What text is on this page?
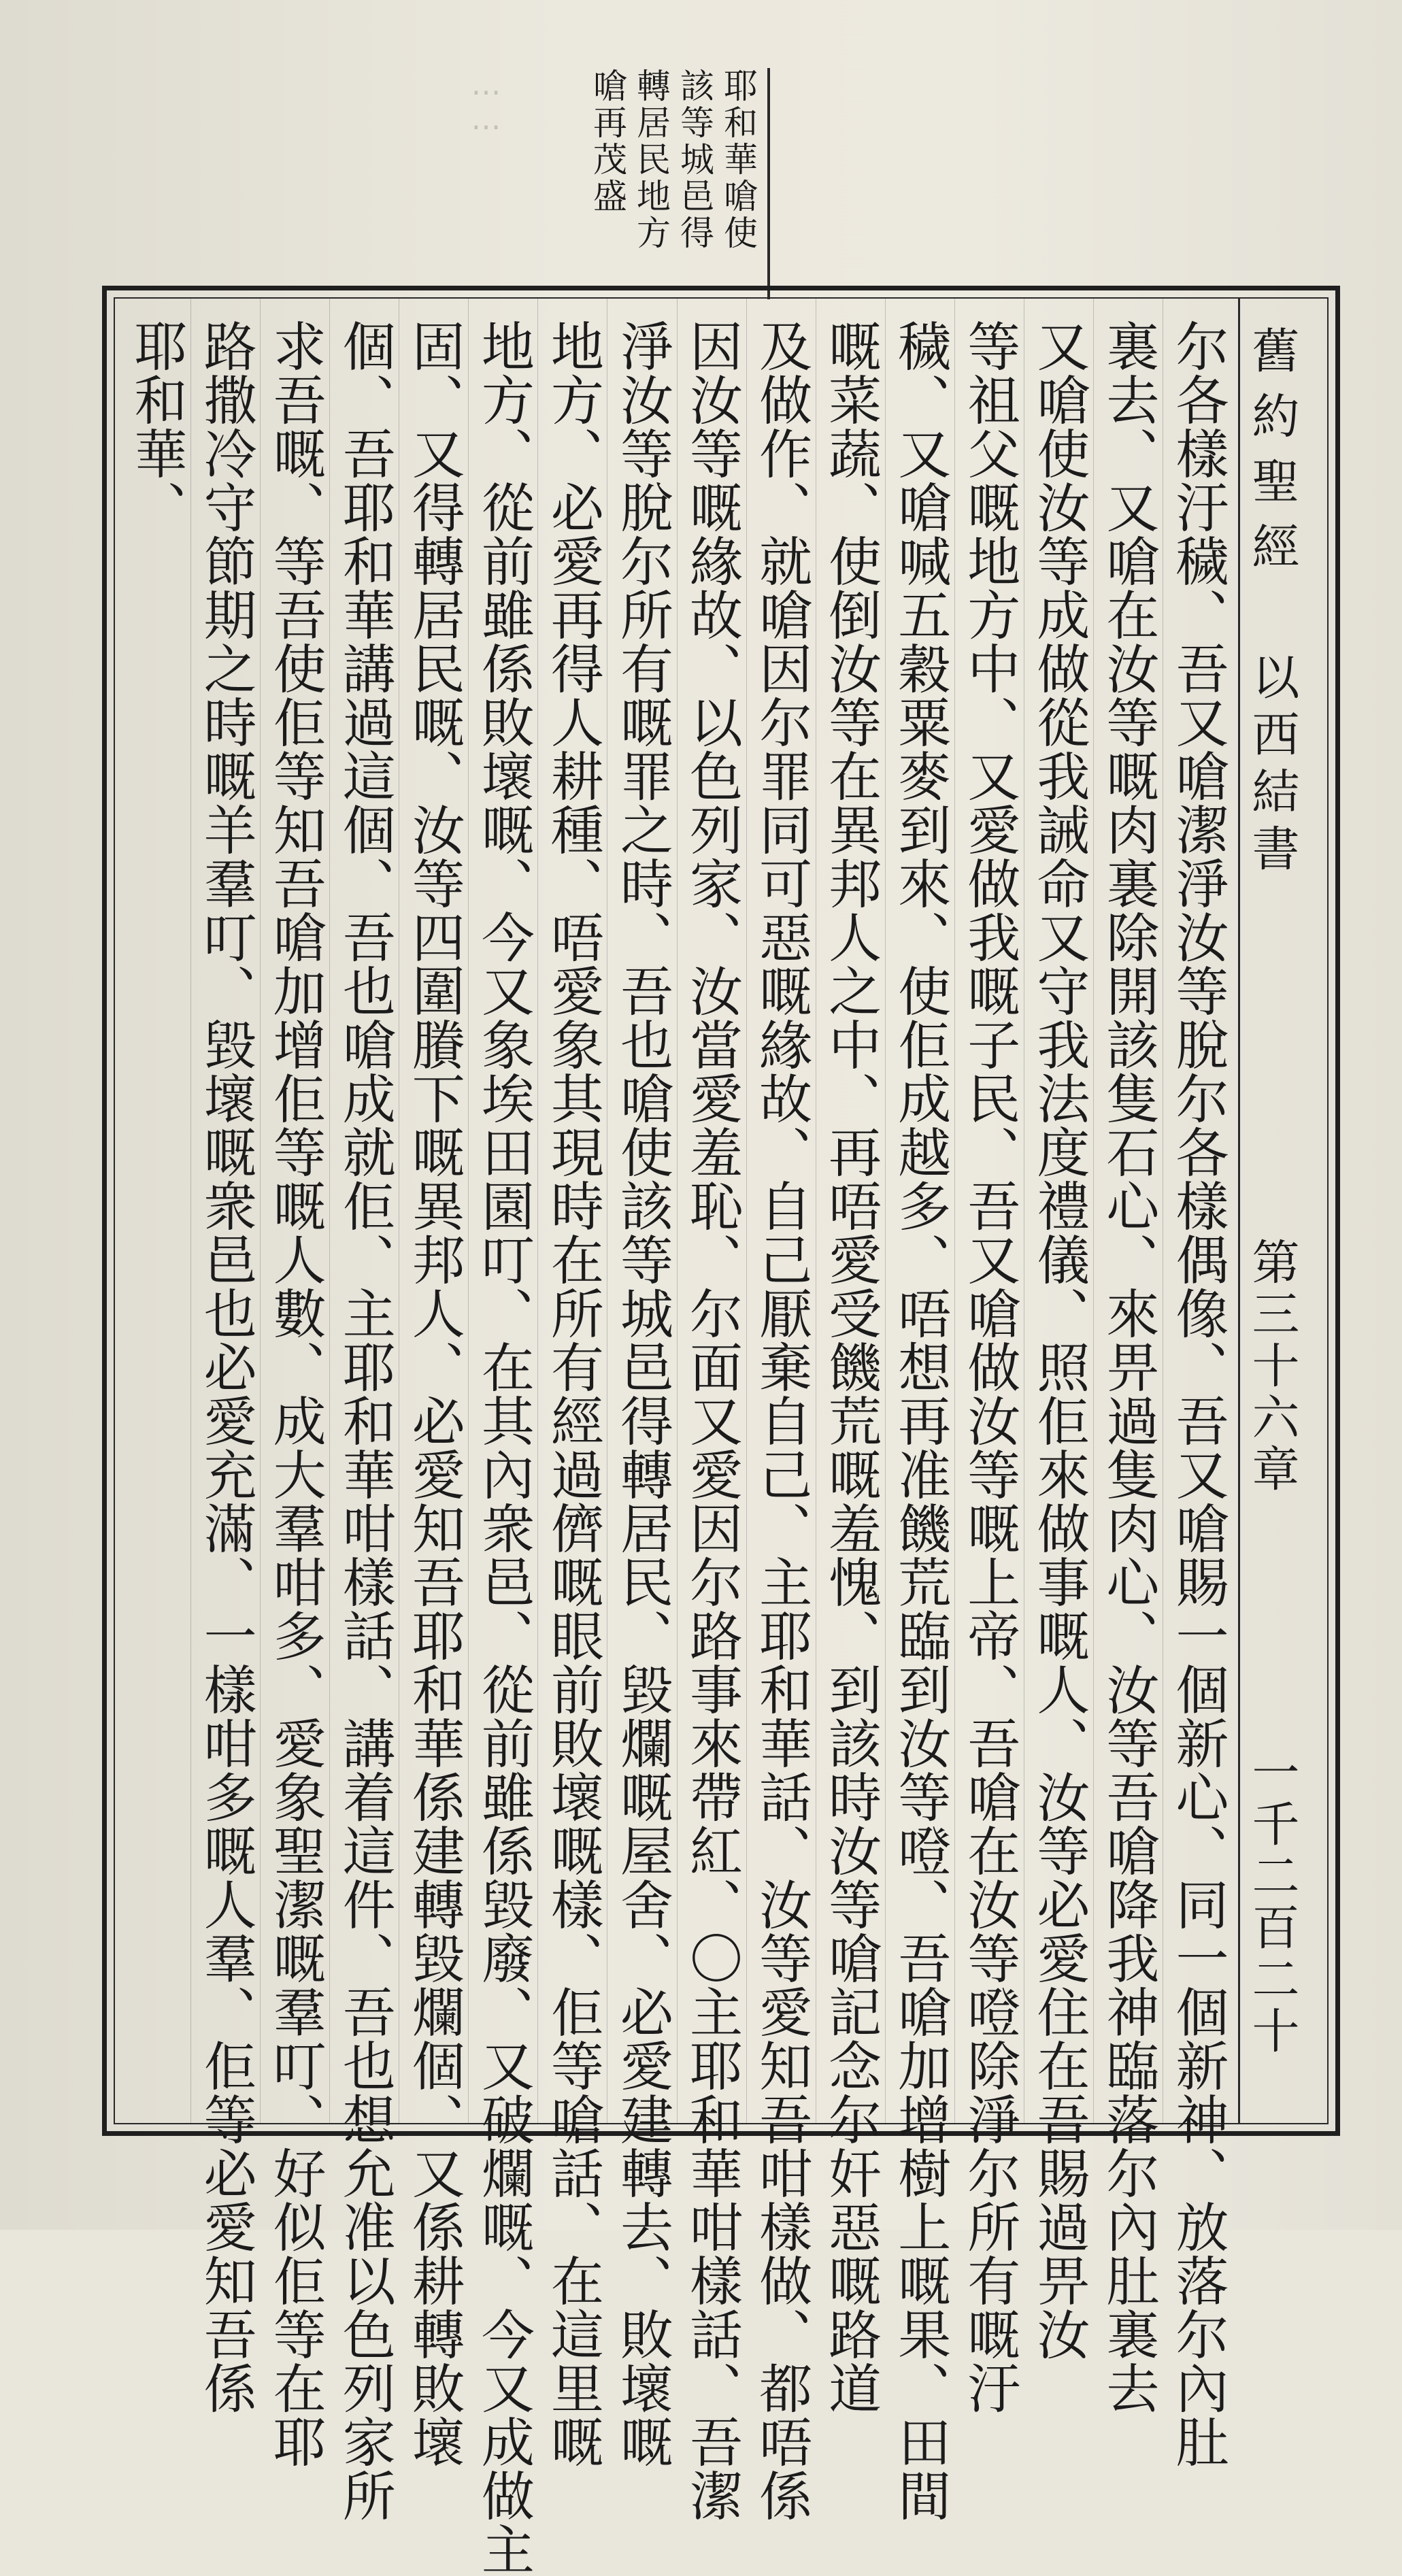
⋯⋯	耶和華嗆使
該等城邑得
轉居民地方
嗆再茂盛
舊約聖經
以西結書
第三十六章
一千二百二十
尔各樣汙穢、吾又嗆潔淨汝等脫尔各樣偶像、吾又嗆賜一個新心、同一個新神、放落尔內肚
裏去、又嗆在汝等嘅肉裏除開該隻石心、來畀過隻肉心、汝等吾嗆降我神臨落尔內肚裏去
又嗆使汝等成做從我誡命又守我法度禮儀、照佢來做事嘅人、汝等必愛住在吾賜過畀汝
等祖父嘅地方中、又愛做我嘅子民、吾又嗆做汝等嘅上帝、吾嗆在汝等噔除淨尔所有嘅汙
穢、又嗆喊五穀粟麥到來、使佢成越多、唔想再准饑荒臨到汝等噔、吾嗆加增樹上嘅果、田間
嘅菜蔬、使倒汝等在異邦人之中、再唔愛受饑荒嘅羞愧、到該時汝等嗆記念尔奸惡嘅路道
及做作、就嗆因尔罪同可惡嘅緣故、自己厭棄自己、主耶和華話、汝等愛知吾咁樣做、都唔係
因汝等嘅緣故、以色列家、汝當愛羞恥、尔面又愛因尔路事來帶紅、〇主耶和華咁樣話、吾潔
淨汝等脫尔所有嘅罪之時、吾也嗆使該等城邑得轉居民、毀爛嘅屋舍、必愛建轉去、敗壞嘅
地方、必愛再得人耕種、唔愛象其現時在所有經過儕嘅眼前敗壞嘅樣、佢等嗆話、在這里嘅
地方、從前雖係敗壞嘅、今又象埃田園叮、在其內衆邑、從前雖係毀廢、又破爛嘅、今又成做主
固、又得轉居民嘅、汝等四圍賸下嘅異邦人、必愛知吾耶和華係建轉毀爛個、又係耕轉敗壞
個、吾耶和華講過這個、吾也嗆成就佢、主耶和華咁樣話、講着這件、吾也想允准以色列家所
求吾嘅、等吾使佢等知吾嗆加增佢等嘅人數、成大羣咁多、愛象聖潔嘅羣叮、好似佢等在耶
路撒冷守節期之時嘅羊羣叮、毀壞嘅衆邑也必愛充滿、一樣咁多嘅人羣、佢等必愛知吾係
耶和華、
